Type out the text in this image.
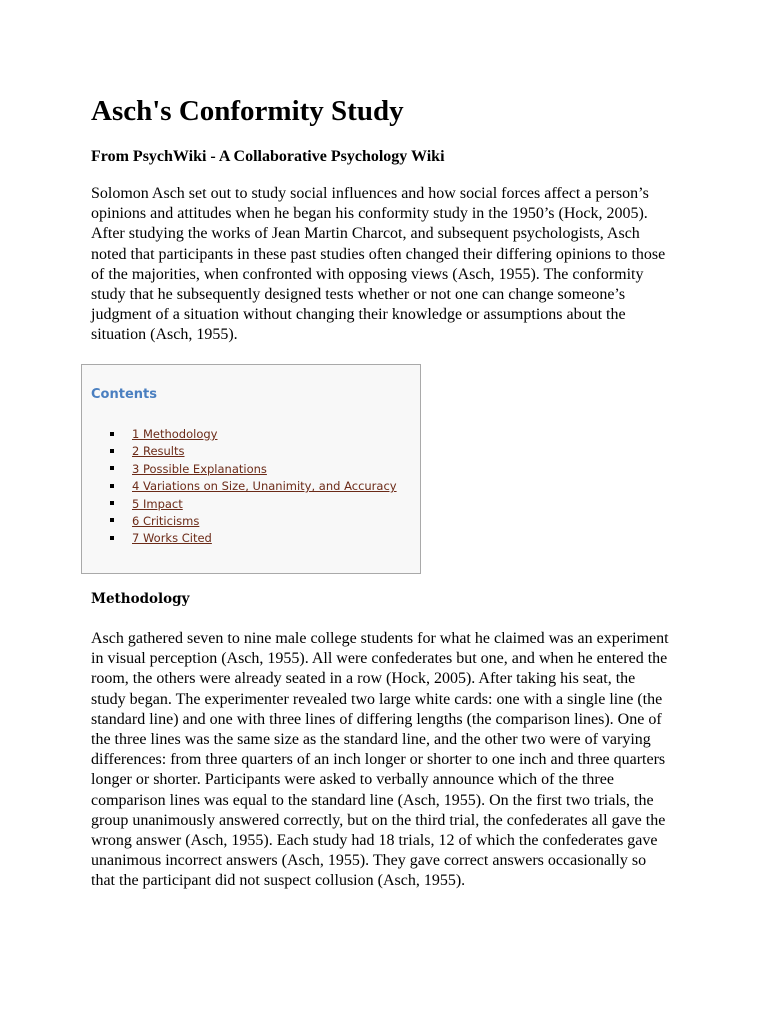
Asch's Conformity Study

From PsychWiki - A Collaborative Psychology Wiki

Solomon Asch set out to study social influences and how social forces affect a person’s opinions and attitudes when he began his conformity study in the 1950’s (Hock, 2005). After studying the works of Jean Martin Charcot, and subsequent psychologists, Asch noted that participants in these past studies often changed their differing opinions to those of the majorities, when confronted with opposing views (Asch, 1955). The conformity study that he subsequently designed tests whether or not one can change someone’s judgment of a situation without changing their knowledge or assumptions about the situation (Asch, 1955).

Contents
1 Methodology
2 Results
3 Possible Explanations
4 Variations on Size, Unanimity, and Accuracy
5 Impact
6 Criticisms
7 Works Cited
Methodology

Asch gathered seven to nine male college students for what he claimed was an experiment in visual perception (Asch, 1955). All were confederates but one, and when he entered the room, the others were already seated in a row (Hock, 2005). After taking his seat, the study began. The experimenter revealed two large white cards: one with a single line (the standard line) and one with three lines of differing lengths (the comparison lines). One of the three lines was the same size as the standard line, and the other two were of varying differences: from three quarters of an inch longer or shorter to one inch and three quarters longer or shorter. Participants were asked to verbally announce which of the three comparison lines was equal to the standard line (Asch, 1955). On the first two trials, the group unanimously answered correctly, but on the third trial, the confederates all gave the wrong answer (Asch, 1955). Each study had 18 trials, 12 of which the confederates gave unanimous incorrect answers (Asch, 1955). They gave correct answers occasionally so that the participant did not suspect collusion (Asch, 1955).
